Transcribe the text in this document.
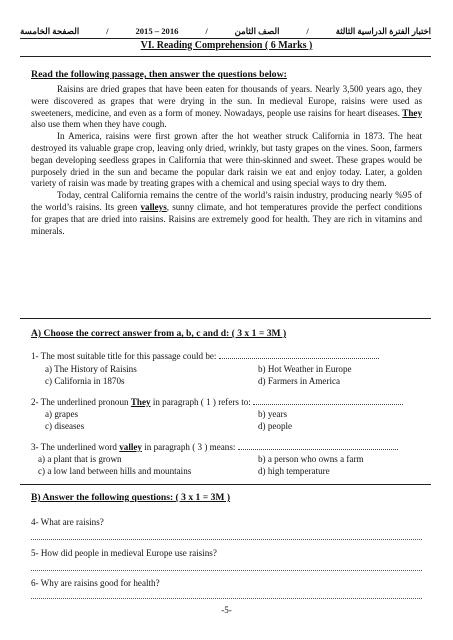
اختبار الفترة الدراسية الثالثة
/
الصف الثامن
/
2015 – 2016
/
الصفحة الخامسة
VI. Reading Comprehension ( 6 Marks )
Read the following passage, then answer the questions below:

Raisins are dried grapes that have been eaten for thousands of years. Nearly 3,500 years ago, they were discovered as grapes that were drying in the sun. In medieval Europe, raisins were used as sweeteners, medicine, and even as a form of money. Nowadays, people use raisins for heart diseases. They also use them when they have cough.

In America, raisins were first grown after the hot weather struck California in 1873. The heat destroyed its valuable grape crop, leaving only dried, wrinkly, but tasty grapes on the vines. Soon, farmers began developing seedless grapes in California that were thin-skinned and sweet. These grapes would be purposely dried in the sun and became the popular dark raisin we eat and enjoy today. Later, a golden variety of raisin was made by treating grapes with a chemical and using special ways to dry them.

Today, central California remains the centre of the world’s raisin industry, producing nearly %95 of the world’s raisins. Its green valleys, sunny climate, and hot temperatures provide the perfect conditions for grapes that are dried into raisins. Raisins are extremely good for health. They are rich in vitamins and minerals.

A) Choose the correct answer from a, b, c and d: ( 3 x 1 = 3M )
1- The most suitable title for this passage could be:
a) The History of Raisins	b) Hot Weather in Europe
c) California in 1870s	d) Farmers in America
2- The underlined pronoun They in paragraph ( 1 ) refers to:
a) grapes	b) years
c) diseases	d) people
3- The underlined word valley in paragraph ( 3 ) means:
a) a plant that is grown	b) a person who owns a farm
c) a low land between hills and mountains	d) high temperature
B) Answer the following questions: ( 3 x 1 = 3M )
4- What are raisins?
5- How did people in medieval Europe use raisins?
6- Why are raisins good for health?
-5-
